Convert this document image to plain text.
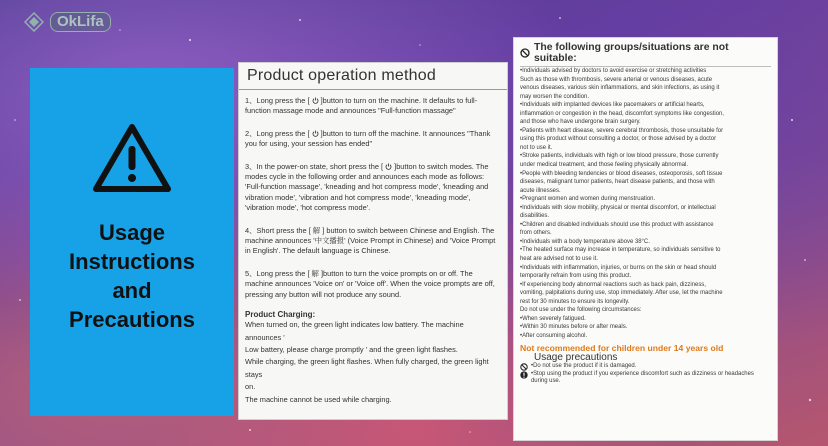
OkLifa
Usage
Instructions
and
Precautions
Product operation method
1、Long press the [  ]button to turn on the machine. It defaults to full-function massage mode and announces "Full-function massage"
2、Long press the [  ]button to turn off the machine. It announces "Thank you for using, your session has ended"
3、In the power-on state, short press the [  ]button to switch modes. The modes cycle in the following order and announces each mode as follows: 'Full-function massage', 'kneading and hot compress mode', 'kneading and vibration mode', 'vibration and hot compress mode', 'kneading mode', 'vibration mode', 'hot compress mode'.
4、Short press the [ 解 ] button to switch between Chinese and English. The machine announces '中文播报' (Voice Prompt in Chinese) and 'Voice Prompt in English'. The default language is Chinese.
5、Long press the [ 解 ]button to turn the voice prompts on or off. The machine announces 'Voice on' or 'Voice off'. When the voice prompts are off, pressing any button will not produce any sound.
Product Charging:
When turned on, the green light indicates low battery. The machine announces '
Low battery, please charge promptly ' and the green light flashes.
While charging, the green light flashes. When fully charged, the green light stays
on.
The machine cannot be used while charging.
The following groups/situations are not suitable:
•Individuals advised by doctors to avoid exercise or stretching activities
Such as those with thrombosis, severe arterial or venous diseases, acute
venous diseases, various skin inflammations, and skin infections, as using it
may worsen the condition.
•Individuals with implanted devices like pacemakers or artificial hearts,
inflammation or congestion in the head, discomfort symptoms like congestion,
and those who have undergone brain surgery.
•Patients with heart disease, severe cerebral thrombosis, those unsuitable for
using this product without consulting a doctor, or those advised by a doctor
not to use it.
•Stroke patients, individuals with high or low blood pressure, those currently
under medical treatment, and those feeling physically abnormal.
•People with bleeding tendencies or blood diseases, osteoporosis, soft tissue
diseases, malignant tumor patients, heart disease patients, and those with
acute illnesses.
•Pregnant women and women during menstruation.
•Individuals with slow mobility, physical or mental discomfort, or intellectual
disabilities.
•Children and disabled individuals should use this product with assistance
from others.
•Individuals with a body temperature above 38°C.
•The heated surface may increase in temperature, so individuals sensitive to
heat are advised not to use it.
•Individuals with inflammation, injuries, or burns on the skin or head should
temporarily refrain from using this product.
•If experiencing body abnormal reactions such as back pain, dizziness,
vomiting, palpitations during use, stop immediately. After use, let the machine
rest for 30 minutes to ensure its longevity.
Do not use under the following circumstances:
•When severely fatigued.
•Within 30 minutes before or after meals.
•After consuming alcohol.
Not recommended for children under 14 years old
Usage precautions
•Do not use the product if it is damaged.
•Stop using the product if you experience discomfort such as dizziness or headaches during use.
